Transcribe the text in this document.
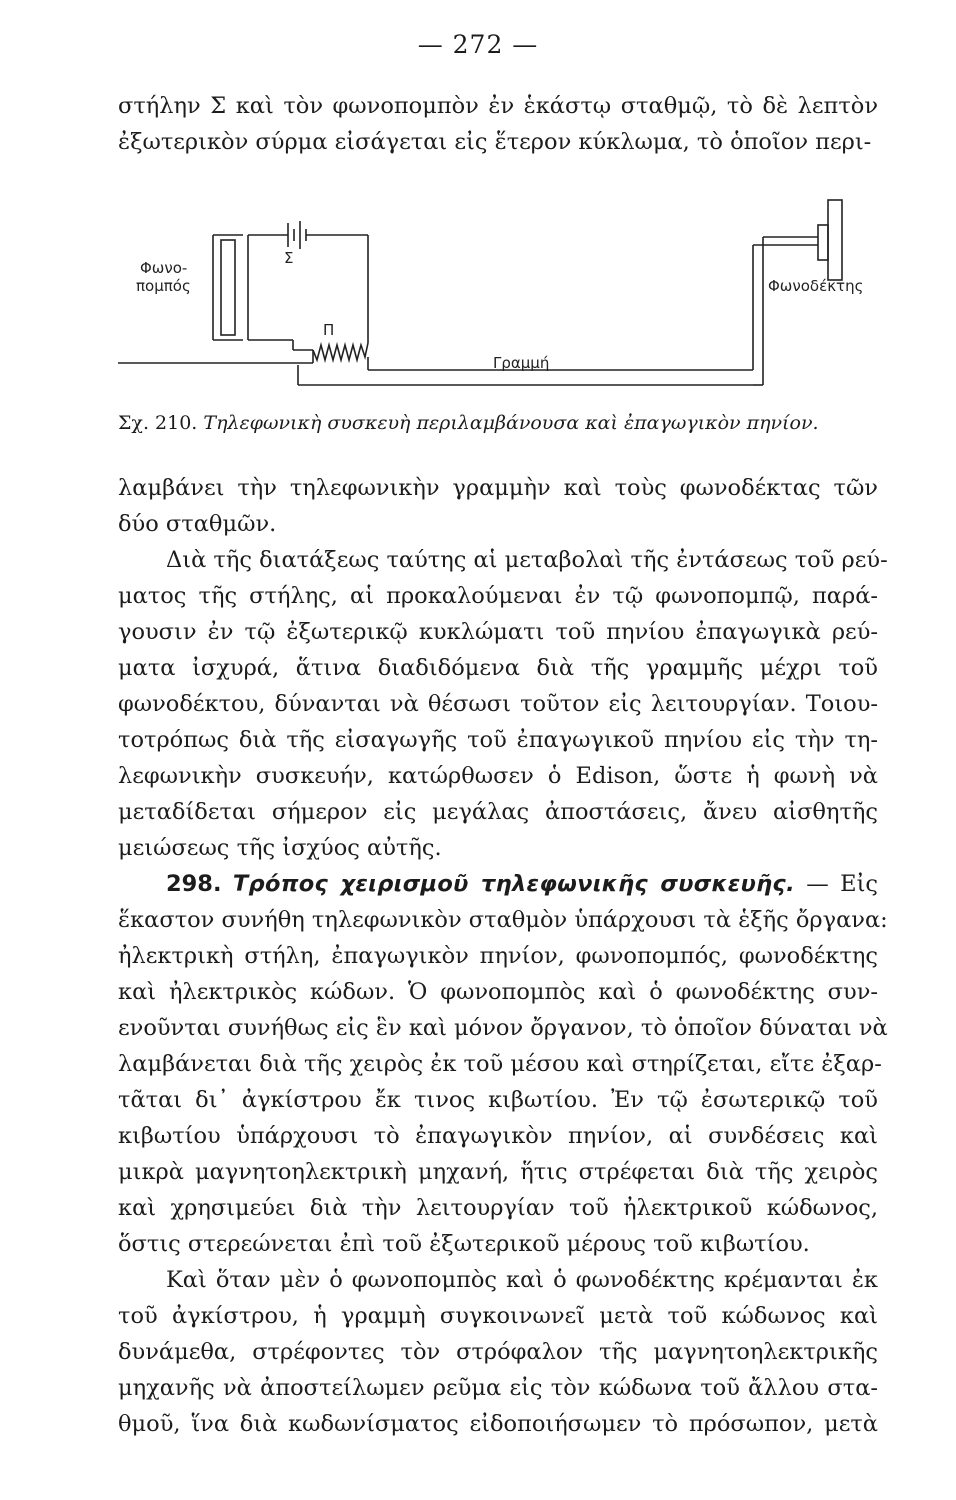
— 272 —
στήλην Σ καὶ τὸν φωνοπομπὸν ἐν ἑκάστῳ σταθμῷ, τὸ δὲ λεπτὸν
ἐξωτερικὸν σύρμα εἰσάγεται εἰς ἕτερον κύκλωμα, τὸ ὁποῖον περι-
Φωνο-
πομπός
Σ
Π
Φωνοδέκτης
Γραμμή
Σχ. 210. Τηλεφωνικὴ συσκευὴ περιλαμβάνουσα καὶ ἐπαγωγικὸν πηνίον.
λαμβάνει τὴν τηλεφωνικὴν γραμμὴν καὶ τοὺς φωνοδέκτας τῶν
δύο σταθμῶν.
Διὰ τῆς διατάξεως ταύτης αἱ μεταβολαὶ τῆς ἐντάσεως τοῦ ρεύ-
ματος τῆς στήλης, αἱ προκαλούμεναι ἐν τῷ φωνοπομπῷ, παρά-
γουσιν ἐν τῷ ἐξωτερικῷ κυκλώματι τοῦ πηνίου ἐπαγωγικὰ ρεύ-
ματα ἰσχυρά, ἅτινα διαδιδόμενα διὰ τῆς γραμμῆς μέχρι τοῦ
φωνοδέκτου, δύνανται νὰ θέσωσι τοῦτον εἰς λειτουργίαν. Τοιου-
τοτρόπως διὰ τῆς εἰσαγωγῆς τοῦ ἐπαγωγικοῦ πηνίου εἰς τὴν τη-
λεφωνικὴν συσκευήν, κατώρθωσεν ὁ Edison, ὥστε ἡ φωνὴ νὰ
μεταδίδεται σήμερον εἰς μεγάλας ἀποστάσεις, ἄνευ αἰσθητῆς
μειώσεως τῆς ἰσχύος αὐτῆς.
298. Τρόπος χειρισμοῦ τηλεφωνικῆς συσκευῆς. — Εἰς
ἕκαστον συνήθη τηλεφωνικὸν σταθμὸν ὑπάρχουσι τὰ ἑξῆς ὄργανα:
ἠλεκτρικὴ στήλη, ἐπαγωγικὸν πηνίον, φωνοπομπός, φωνοδέκτης
καὶ ἠλεκτρικὸς κώδων. Ὁ φωνοπομπὸς καὶ ὁ φωνοδέκτης συν-
ενοῦνται συνήθως εἰς ἓν καὶ μόνον ὄργανον, τὸ ὁποῖον δύναται νὰ
λαμβάνεται διὰ τῆς χειρὸς ἐκ τοῦ μέσου καὶ στηρίζεται, εἴτε ἐξαρ-
τᾶται δι᾿ ἀγκίστρου ἔκ τινος κιβωτίου. Ἐν τῷ ἐσωτερικῷ τοῦ
κιβωτίου ὑπάρχουσι τὸ ἐπαγωγικὸν πηνίον, αἱ συνδέσεις καὶ
μικρὰ μαγνητοηλεκτρικὴ μηχανή, ἥτις στρέφεται διὰ τῆς χειρὸς
καὶ χρησιμεύει διὰ τὴν λειτουργίαν τοῦ ἠλεκτρικοῦ κώδωνος,
ὅστις στερεώνεται ἐπὶ τοῦ ἐξωτερικοῦ μέρους τοῦ κιβωτίου.
Καὶ ὅταν μὲν ὁ φωνοπομπὸς καὶ ὁ φωνοδέκτης κρέμανται ἐκ
τοῦ ἀγκίστρου, ἡ γραμμὴ συγκοινωνεῖ μετὰ τοῦ κώδωνος καὶ
δυνάμεθα, στρέφοντες τὸν στρόφαλον τῆς μαγνητοηλεκτρικῆς
μηχανῆς νὰ ἀποστείλωμεν ρεῦμα εἰς τὸν κώδωνα τοῦ ἄλλου στα-
θμοῦ, ἵνα διὰ κωδωνίσματος εἰδοποιήσωμεν τὸ πρόσωπον, μετὰ
